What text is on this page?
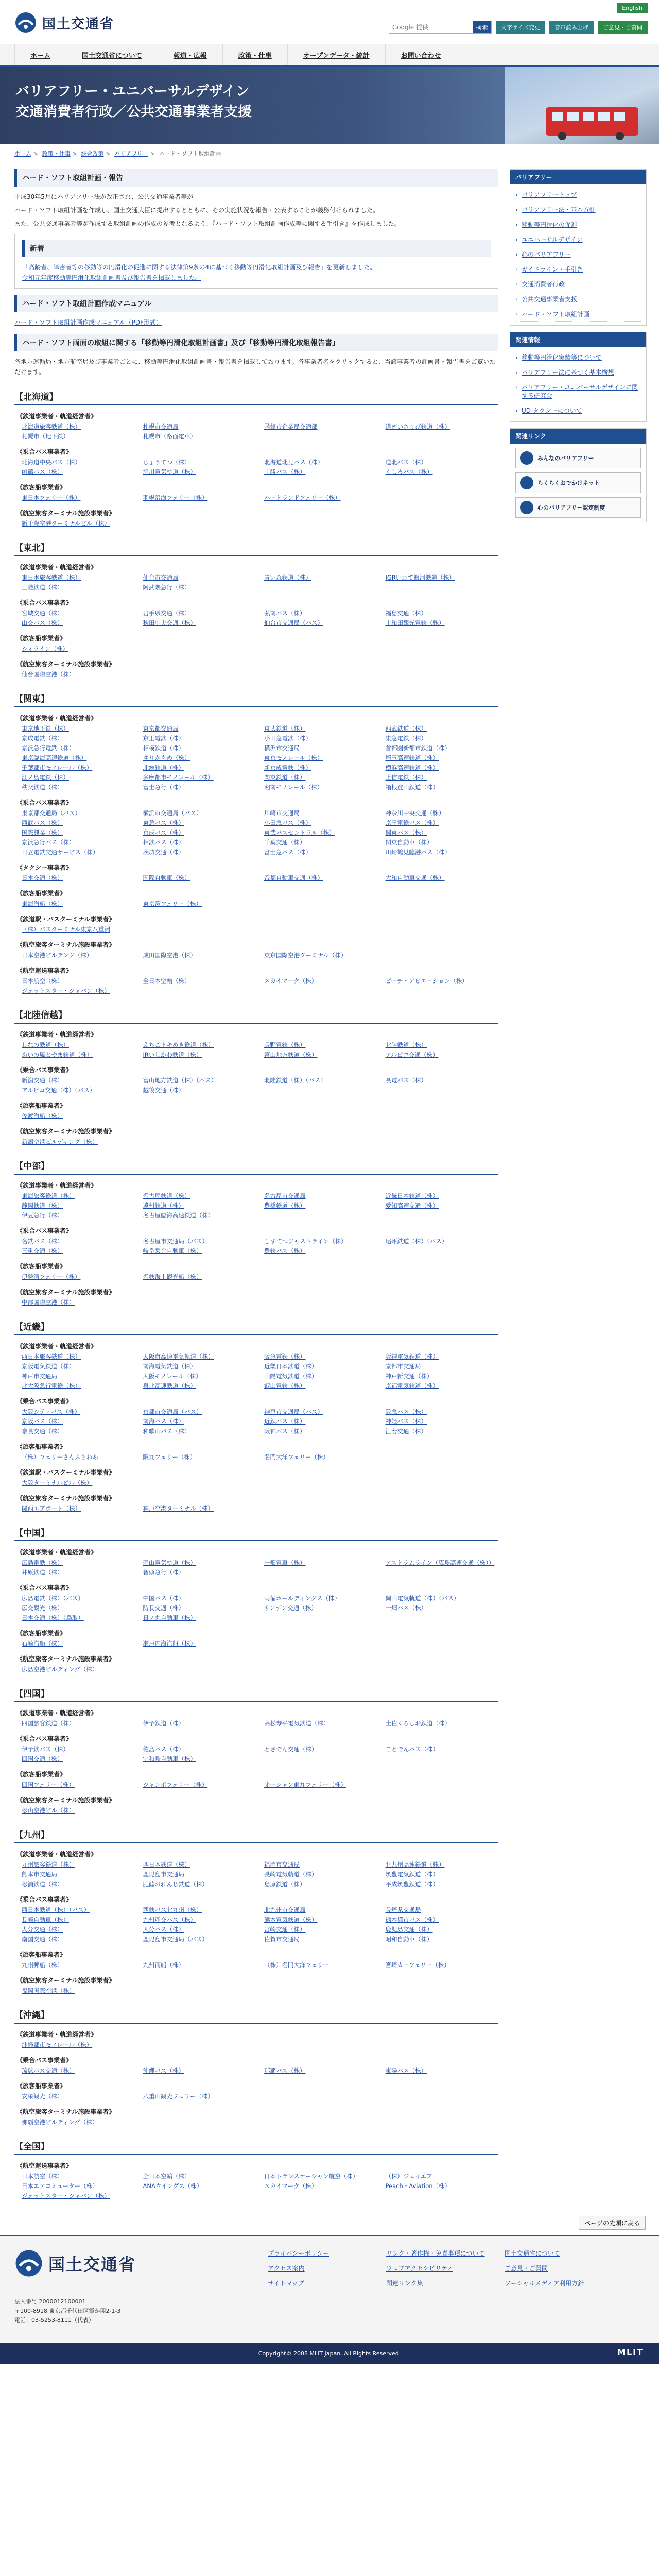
国土交通省
English
Google 提供
検索	文字サイズ変更	音声読み上げ	ご意見・ご質問
ホーム	国土交通省について	報道・広報	政策・仕事	オープンデータ・統計	お問い合わせ
バリアフリー・ユニバーサルデザイン
交通消費者行政／公共交通事業者支援
ホーム > 政策・仕事 > 総合政策 > バリアフリー > ハード・ソフト取組計画
ハード・ソフト取組計画・報告

平成30年5月にバリアフリー法が改正され、公共交通事業者等が

ハード・ソフト取組計画を作成し、国土交通大臣に提出するとともに、その実施状況を報告・公表することが義務付けられました。

また、公共交通事業者等が作成する取組計画の作成の参考となるよう、『ハード・ソフト取組計画作成等に関する手引き』を作成しました。

新着
「高齢者、障害者等の移動等の円滑化の促進に関する法律第9条の4に基づく移動等円滑化取組計画及び報告」を更新しました。
令和元年度移動等円滑化取組計画書及び報告書を掲載しました。
ハード・ソフト取組計画作成マニュアル
ハード・ソフト取組計画作成マニュアル（PDF形式）
ハード・ソフト両面の取組に関する「移動等円滑化取組計画書」及び「移動等円滑化取組報告書」

各地方運輸局・地方航空局及び事業者ごとに、移動等円滑化取組計画書・報告書を掲載しております。各事業者名をクリックすると、当該事業者の計画書・報告書をご覧いただけます。

【北海道】
《鉄道事業者・軌道経営者》
北海道旅客鉄道（株）	札幌市交通局	函館市企業局交通部	道南いさりび鉄道（株）
札幌市（地下鉄）	札幌市（路面電車）
《乗合バス事業者》
北海道中央バス（株）	じょうてつ（株）	北海道北見バス（株）	道北バス（株）
函館バス（株）	旭川電気軌道（株）	十勝バス（株）	くしろバス（株）
《旅客船事業者》
東日本フェリー（株）	羽幌沿海フェリー（株）	ハートランドフェリー（株）
《航空旅客ターミナル施設事業者》
新千歳空港ターミナルビル（株）
【東北】
《鉄道事業者・軌道経営者》
東日本旅客鉄道（株）	仙台市交通局	青い森鉄道（株）	IGRいわて銀河鉄道（株）
三陸鉄道（株）	阿武隈急行（株）
《乗合バス事業者》
宮城交通（株）	岩手県交通（株）	弘南バス（株）	福島交通（株）
山交バス（株）	秋田中央交通（株）	仙台市交通局（バス）	十和田観光電鉄（株）
《旅客船事業者》
シィライン（株）
《航空旅客ターミナル施設事業者》
仙台国際空港（株）
【関東】
《鉄道事業者・軌道経営者》
東京地下鉄（株）	東京都交通局	東武鉄道（株）	西武鉄道（株）
京成電鉄（株）	京王電鉄（株）	小田急電鉄（株）	東急電鉄（株）
京浜急行電鉄（株）	相模鉄道（株）	横浜市交通局	首都圏新都市鉄道（株）
東京臨海高速鉄道（株）	ゆりかもめ（株）	東京モノレール（株）	埼玉高速鉄道（株）
千葉都市モノレール（株）	北総鉄道（株）	新京成電鉄（株）	横浜高速鉄道（株）
江ノ島電鉄（株）	多摩都市モノレール（株）	関東鉄道（株）	上信電鉄（株）
秩父鉄道（株）	富士急行（株）	湘南モノレール（株）	箱根登山鉄道（株）
《乗合バス事業者》
東京都交通局（バス）	横浜市交通局（バス）	川崎市交通局	神奈川中央交通（株）
西武バス（株）	東急バス（株）	小田急バス（株）	京王電鉄バス（株）
国際興業（株）	京成バス（株）	東武バスセントラル（株）	関東バス（株）
京浜急行バス（株）	相鉄バス（株）	千葉交通（株）	関東自動車（株）
日立電鉄交通サービス（株）	茨城交通（株）	富士急バス（株）	川崎鶴見臨港バス（株）
《タクシー事業者》
日本交通（株）	国際自動車（株）	帝都自動車交通（株）	大和自動車交通（株）
《旅客船事業者》
東海汽船（株）	東京湾フェリー（株）
《鉄道駅・バスターミナル事業者》
（株）バスターミナル東京八重洲
《航空旅客ターミナル施設事業者》
日本空港ビルデング（株）	成田国際空港（株）	東京国際空港ターミナル（株）
《航空運送事業者》
日本航空（株）	全日本空輸（株）	スカイマーク（株）	ピーチ・アビエーション（株）
ジェットスター・ジャパン（株）
【北陸信越】
《鉄道事業者・軌道経営者》
しなの鉄道（株）	えちごトキめき鉄道（株）	長野電鉄（株）	北陸鉄道（株）
あいの風とやま鉄道（株）	IRいしかわ鉄道（株）	富山地方鉄道（株）	アルピコ交通（株）
《乗合バス事業者》
新潟交通（株）	富山地方鉄道（株）（バス）	北陸鉄道（株）（バス）	長電バス（株）
アルピコ交通（株）（バス）	越後交通（株）
《旅客船事業者》
佐渡汽船（株）
《航空旅客ターミナル施設事業者》
新潟空港ビルディング（株）
【中部】
《鉄道事業者・軌道経営者》
東海旅客鉄道（株）	名古屋鉄道（株）	名古屋市交通局	近畿日本鉄道（株）
静岡鉄道（株）	遠州鉄道（株）	豊橋鉄道（株）	愛知高速交通（株）
伊豆急行（株）	名古屋臨海高速鉄道（株）
《乗合バス事業者》
名鉄バス（株）	名古屋市交通局（バス）	しずてつジャストライン（株）	遠州鉄道（株）（バス）
三重交通（株）	岐阜乗合自動車（株）	豊鉄バス（株）
《旅客船事業者》
伊勢湾フェリー（株）	名鉄海上観光船（株）
《航空旅客ターミナル施設事業者》
中部国際空港（株）
【近畿】
《鉄道事業者・軌道経営者》
西日本旅客鉄道（株）	大阪市高速電気軌道（株）	阪急電鉄（株）	阪神電気鉄道（株）
京阪電気鉄道（株）	南海電気鉄道（株）	近畿日本鉄道（株）	京都市交通局
神戸市交通局	大阪モノレール（株）	山陽電気鉄道（株）	神戸新交通（株）
北大阪急行電鉄（株）	泉北高速鉄道（株）	叡山電鉄（株）	京福電気鉄道（株）
《乗合バス事業者》
大阪シティバス（株）	京都市交通局（バス）	神戸市交通局（バス）	阪急バス（株）
京阪バス（株）	南海バス（株）	近鉄バス（株）	神姫バス（株）
奈良交通（株）	和歌山バス（株）	阪神バス（株）	江若交通（株）
《旅客船事業者》
（株）フェリーさんふらわあ	阪九フェリー（株）	名門大洋フェリー（株）
《鉄道駅・バスターミナル事業者》
大阪ターミナルビル（株）
《航空旅客ターミナル施設事業者》
関西エアポート（株）	神戸空港ターミナル（株）
【中国】
《鉄道事業者・軌道経営者》
広島電鉄（株）	岡山電気軌道（株）	一畑電車（株）	アストラムライン（広島高速交通（株））
井原鉄道（株）	智頭急行（株）
《乗合バス事業者》
広島電鉄（株）（バス）	中国バス（株）	両備ホールディングス（株）	岡山電気軌道（株）（バス）
広交観光（株）	防長交通（株）	サンデン交通（株）	一畑バス（株）
日本交通（株）（鳥取）	日ノ丸自動車（株）
《旅客船事業者》
石崎汽船（株）	瀬戸内海汽船（株）
《航空旅客ターミナル施設事業者》
広島空港ビルディング（株）
【四国】
《鉄道事業者・軌道経営者》
四国旅客鉄道（株）	伊予鉄道（株）	高松琴平電気鉄道（株）	土佐くろしお鉄道（株）
《乗合バス事業者》
伊予鉄バス（株）	徳島バス（株）	とさでん交通（株）	ことでんバス（株）
四国交通（株）	宇和島自動車（株）
《旅客船事業者》
四国フェリー（株）	ジャンボフェリー（株）	オーシャン東九フェリー（株）
《航空旅客ターミナル施設事業者》
松山空港ビル（株）
【九州】
《鉄道事業者・軌道経営者》
九州旅客鉄道（株）	西日本鉄道（株）	福岡市交通局	北九州高速鉄道（株）
熊本市交通局	鹿児島市交通局	長崎電気軌道（株）	筑豊電気鉄道（株）
松浦鉄道（株）	肥薩おれんじ鉄道（株）	島原鉄道（株）	平成筑豊鉄道（株）
《乗合バス事業者》
西日本鉄道（株）（バス）	西鉄バス北九州（株）	北九州市交通局	長崎県交通局
長崎自動車（株）	九州産交バス（株）	熊本電気鉄道（株）	熊本都市バス（株）
大分交通（株）	大分バス（株）	宮崎交通（株）	鹿児島交通（株）
南国交通（株）	鹿児島市交通局（バス）	佐賀市交通局	昭和自動車（株）
《旅客船事業者》
九州郵船（株）	九州商船（株）	（株）名門大洋フェリー	宮崎カーフェリー（株）
《航空旅客ターミナル施設事業者》
福岡国際空港（株）
【沖縄】
《鉄道事業者・軌道経営者》
沖縄都市モノレール（株）
《乗合バス事業者》
琉球バス交通（株）	沖縄バス（株）	那覇バス（株）	東陽バス（株）
《旅客船事業者》
安栄観光（株）	八重山観光フェリー（株）
《航空旅客ターミナル施設事業者》
那覇空港ビルディング（株）
【全国】
《航空運送事業者》
日本航空（株）	全日本空輸（株）	日本トランスオーシャン航空（株）	（株）ジェイエア
日本エアコミューター（株）	ANAウイングス（株）	スカイマーク（株）	Peach・Aviation（株）
ジェットスター・ジャパン（株）
バリアフリー
› バリアフリートップ
› バリアフリー法・基本方針
› 移動等円滑化の促進
› ユニバーサルデザイン
› 心のバリアフリー
› ガイドライン・手引き
› 交通消費者行政
› 公共交通事業者支援
› ハード・ソフト取組計画
関連情報
› 移動等円滑化実績等について
› バリアフリー法に基づく基本構想
› バリアフリー・ユニバーサルデザインに関する研究会
› UD タクシーについて
関連リンク
みんなのバリアフリー
らくらくおでかけネット
心のバリアフリー認定制度
ページの先頭に戻る
国土交通省
プライバシーポリシー	リンク・著作権・免責事項について	国土交通省について
アクセス案内	ウェブアクセシビリティ	ご意見・ご質問
サイトマップ	関連リンク集	ソーシャルメディア利用方針
法人番号 2000012100001
〒100-8918 東京都千代田区霞が関2-1-3
電話：03-5253-8111（代表）
Copyright© 2008 MLIT Japan. All Rights Reserved.	MLIT
